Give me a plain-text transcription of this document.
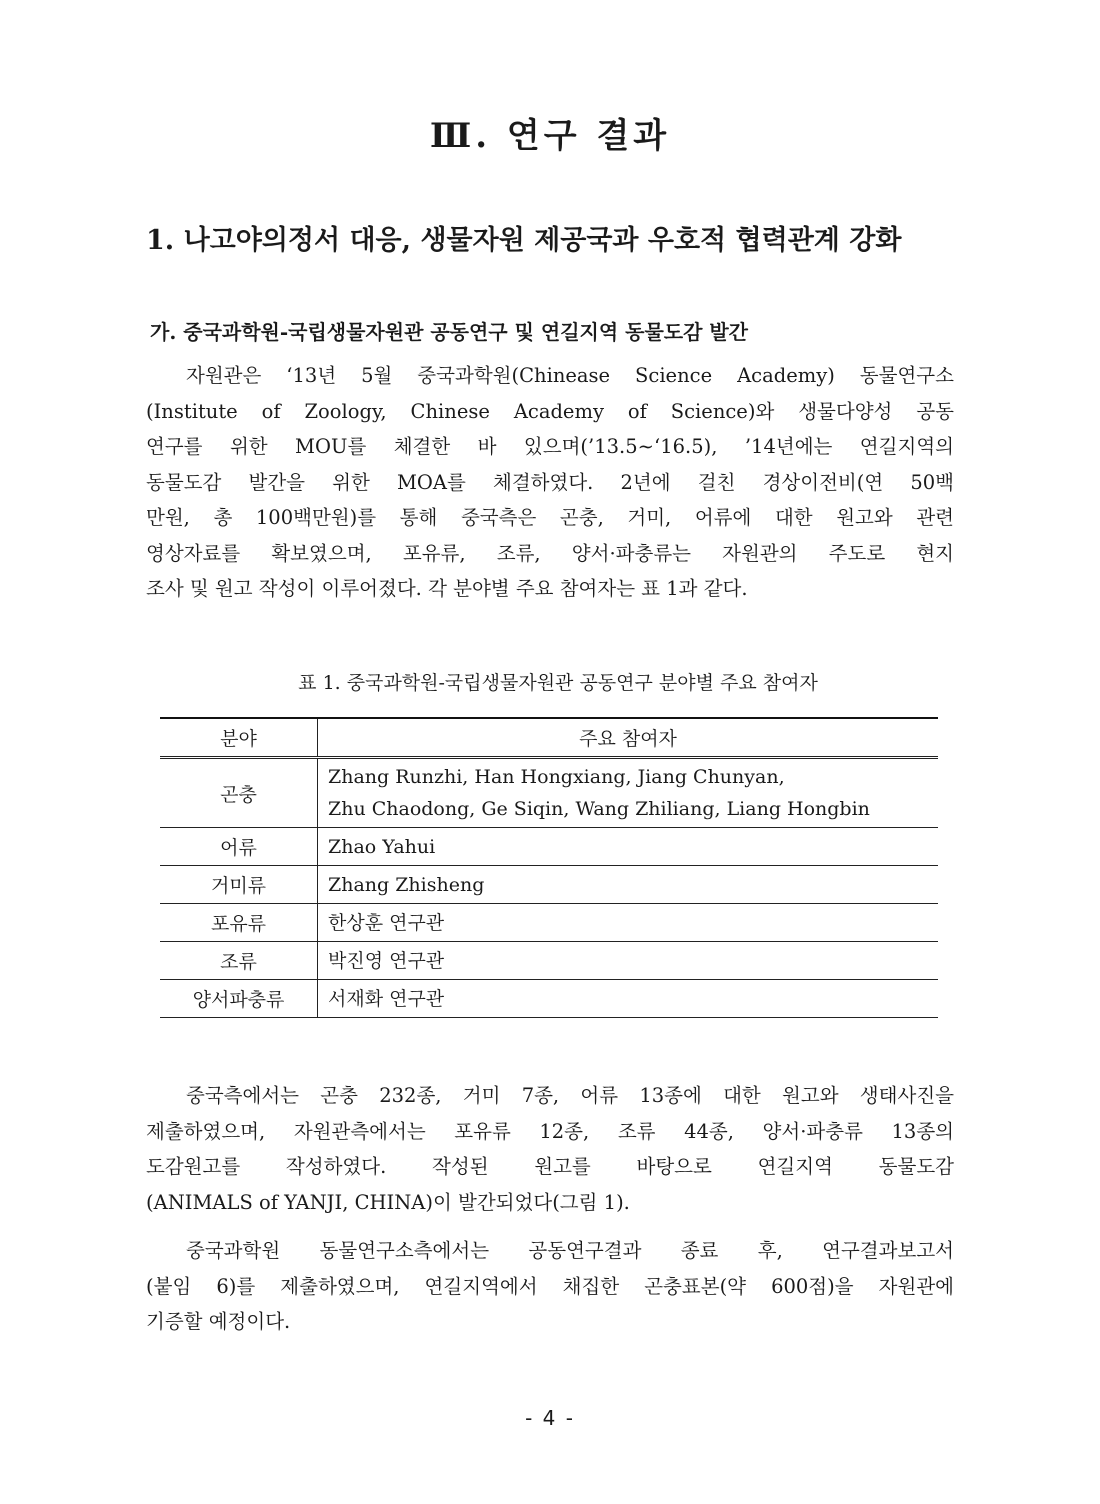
Ⅲ. 연구 결과
1. 나고야의정서 대응, 생물자원 제공국과 우호적 협력관계 강화
가. 중국과학원-국립생물자원관 공동연구 및 연길지역 동물도감 발간
자원관은 ‘13년 5월 중국과학원(Chinease Science Academy) 동물연구소
(Institute of Zoology, Chinese Academy of Science)와 생물다양성 공동
연구를 위한 MOU를 체결한 바 있으며(’13.5∼‘16.5), ’14년에는 연길지역의
동물도감 발간을 위한 MOA를 체결하였다. 2년에 걸친 경상이전비(연 50백
만원, 총 100백만원)를 통해 중국측은 곤충, 거미, 어류에 대한 원고와 관련
영상자료를 확보였으며, 포유류, 조류, 양서·파충류는 자원관의 주도로 현지
조사 및 원고 작성이 이루어졌다. 각 분야별 주요 참여자는 표 1과 같다.
표 1. 중국과학원-국립생물자원관 공동연구 분야별 주요 참여자
분야	주요 참여자
곤충	Zhang Runzhi, Han Hongxiang, Jiang Chunyan,
Zhu Chaodong, Ge Siqin, Wang Zhiliang, Liang Hongbin

어류	Zhao Yahui
거미류	Zhang Zhisheng
포유류	한상훈 연구관
조류	박진영 연구관
양서파충류	서재화 연구관
중국측에서는 곤충 232종, 거미 7종, 어류 13종에 대한 원고와 생태사진을
제출하였으며, 자원관측에서는 포유류 12종, 조류 44종, 양서·파충류 13종의
도감원고를 작성하였다. 작성된 원고를 바탕으로 연길지역 동물도감
(ANIMALS of YANJI, CHINA)이 발간되었다(그림 1).
중국과학원 동물연구소측에서는 공동연구결과 종료 후, 연구결과보고서
(붙임 6)를 제출하였으며, 연길지역에서 채집한 곤충표본(약 600점)을 자원관에
기증할 예정이다.
- 4 -
